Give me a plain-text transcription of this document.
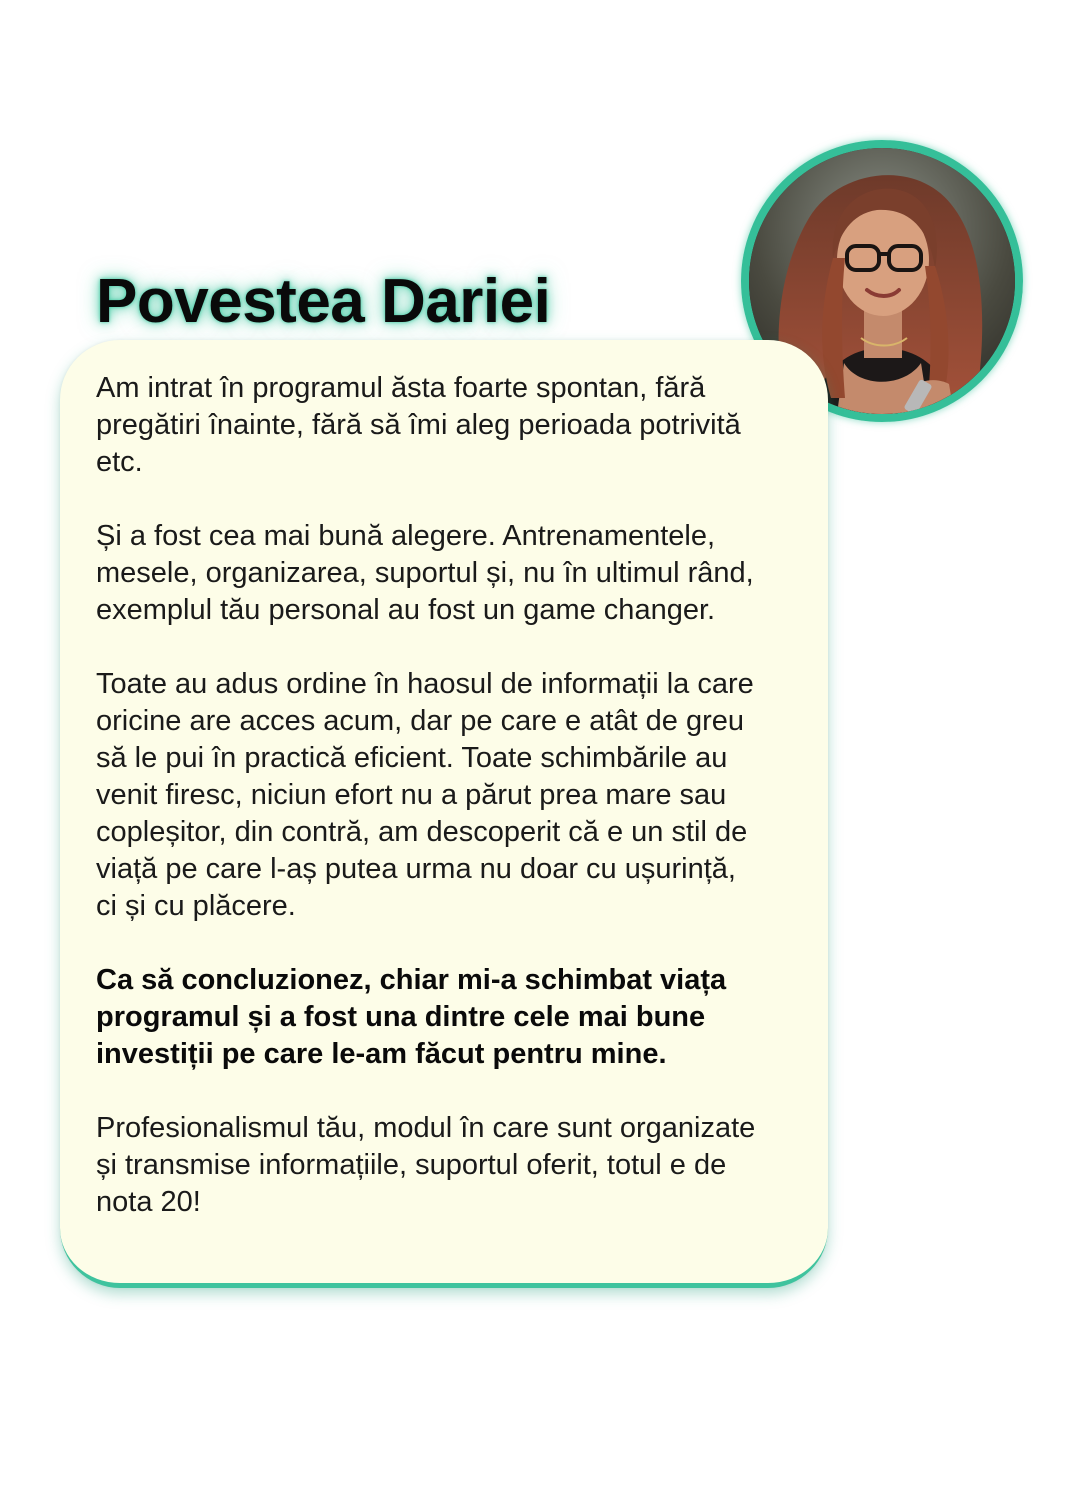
Povestea Dariei

Am intrat în programul ăsta foarte spontan, fără pregătiri înainte, fără să îmi aleg perioada potrivită etc.

Și a fost cea mai bună alegere. Antrenamentele, mesele, organizarea, suportul și, nu în ultimul rând, exemplul tău personal au fost un game changer.

Toate au adus ordine în haosul de informații la care oricine are acces acum, dar pe care e atât de greu să le pui în practică eficient. Toate schimbările au venit firesc, niciun efort nu a părut prea mare sau copleșitor, din contră, am descoperit că e un stil de viață pe care l-aș putea urma nu doar cu ușurință, ci și cu plăcere.

Ca să concluzionez, chiar mi-a schimbat viața programul și a fost una dintre cele mai bune investiții pe care le-am făcut pentru mine.

Profesionalismul tău, modul în care sunt organizate și transmise informațiile, suportul oferit, totul e de nota 20!
